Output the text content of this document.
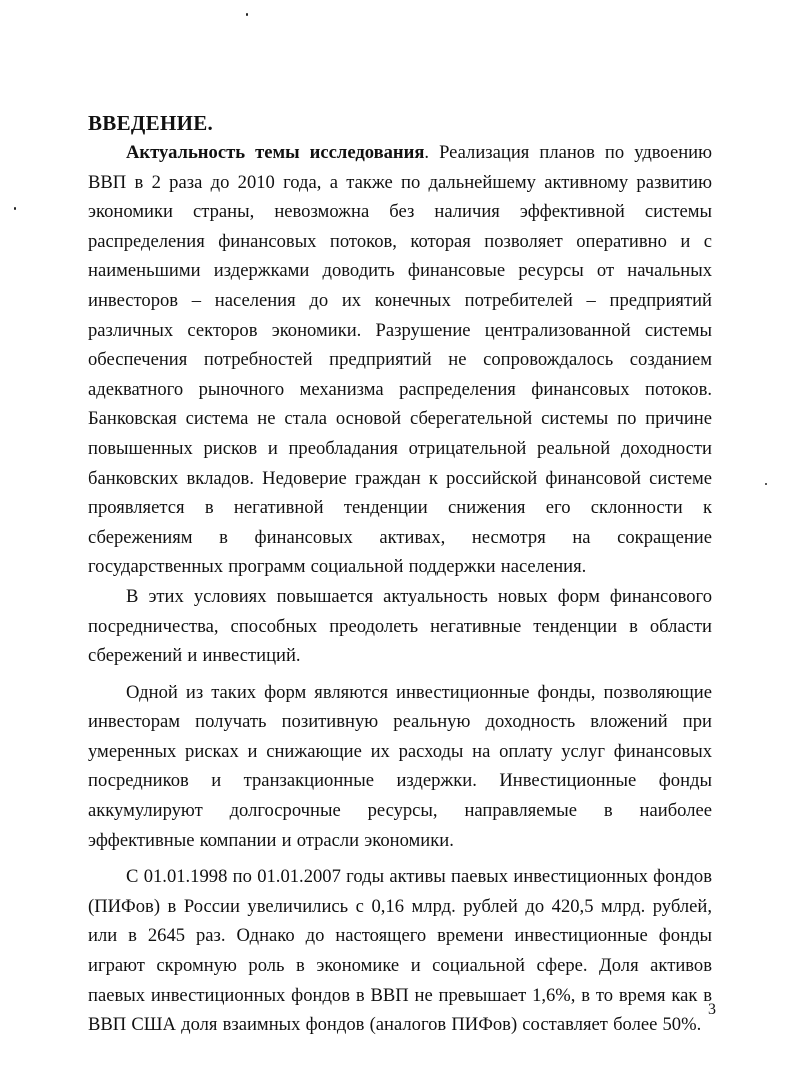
ВВЕДЕНИЕ.

Актуальность темы исследования. Реализация планов по удвоению ВВП в 2 раза до 2010 года, а также по дальнейшему активному развитию экономики страны, невозможна без наличия эффективной системы распределения финансовых потоков, которая позволяет оперативно и с наименьшими издержками доводить финансовые ресурсы от начальных инвесторов – населения до их конечных потребителей – предприятий различных секторов экономики. Разрушение централизованной системы обеспечения потребностей предприятий не сопровождалось созданием адекватного рыночного механизма распределения финансовых потоков. Банковская система не стала основой сберегательной системы по причине повышенных рисков и преобладания отрицательной реальной доходности банковских вкладов. Недоверие граждан к российской финансовой системе проявляется в негативной тенденции снижения его склонности к сбережениям в финансовых активах, несмотря на сокращение государственных программ социальной поддержки населения.

В этих условиях повышается актуальность новых форм финансового посредничества, способных преодолеть негативные тенденции в области сбережений и инвестиций.

Одной из таких форм являются инвестиционные фонды, позволяющие инвесторам получать позитивную реальную доходность вложений при умеренных рисках и снижающие их расходы на оплату услуг финансовых посредников и транзакционные издержки. Инвестиционные фонды аккумулируют долгосрочные ресурсы, направляемые в наиболее эффективные компании и отрасли экономики.

С 01.01.1998 по 01.01.2007 годы активы паевых инвестиционных фондов (ПИФов) в России увеличились с 0,16 млрд. рублей до 420,5 млрд. рублей, или в 2645 раз. Однако до настоящего времени инвестиционные фонды играют скромную роль в экономике и социальной сфере. Доля активов паевых инвестиционных фондов в ВВП не превышает 1,6%, в то время как в ВВП США доля взаимных фондов (аналогов ПИФов) составляет более 50%.

3
